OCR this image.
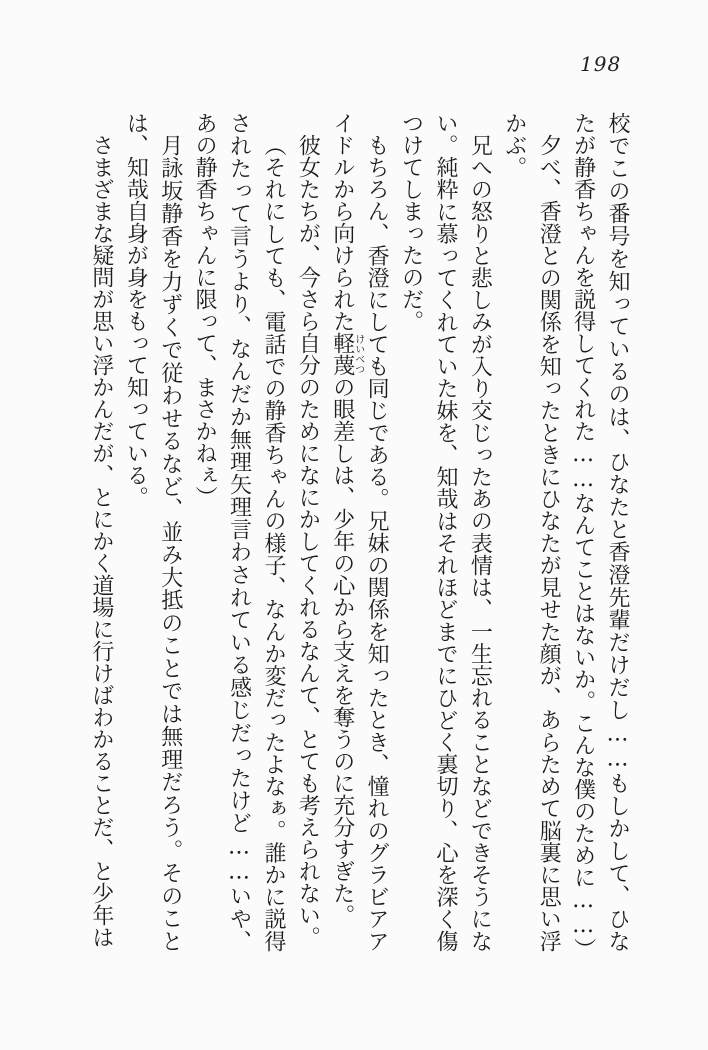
198

校でこの番号を知っているのは、ひなたと香澄先輩だけだし……もしかして、ひなたが静香ちゃんを説得してくれた……なんてことはないか。こんな僕のために……）

夕べ、香澄との関係を知ったときにひなたが見せた顔が、あらためて脳裏に思い浮かぶ。

兄への怒りと悲しみが入り交じったあの表情は、一生忘れることなどできそうにない。純粋に慕ってくれていた妹を、知哉はそれほどまでにひどく裏切り、心を深く傷つけてしまったのだ。

もちろん、香澄にしても同じである。兄妹の関係を知ったとき、憧れのグラビアアイドルから向けられた軽蔑けいべつの眼差しは、少年の心から支えを奪うのに充分すぎた。

彼女たちが、今さら自分のためになにかしてくれるなんて、とても考えられない。

（それにしても、電話での静香ちゃんの様子、なんか変だったよなぁ。誰かに説得されたって言うより、なんだか無理矢理言わされている感じだったけど……いや、あの静香ちゃんに限って、まさかねぇ）

月詠坂静香を力ずくで従わせるなど、並み大抵のことでは無理だろう。そのことは、知哉自身が身をもって知っている。

さまざまな疑問が思い浮かんだが、とにかく道場に行けばわかることだ、と少年は
